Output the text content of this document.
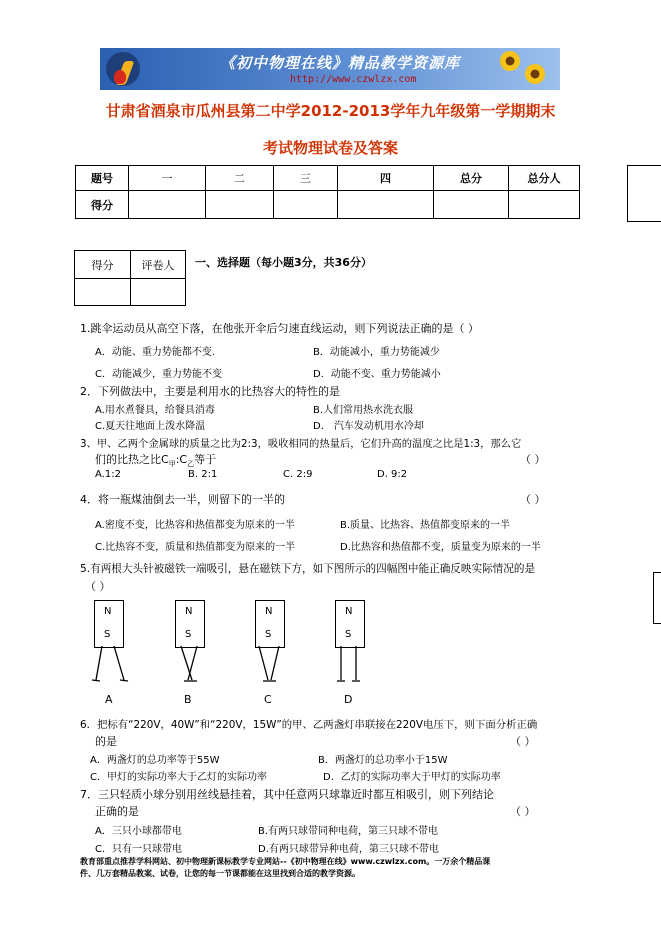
《初中物理在线》精品教学资源库
http://www.czwlzx.com
甘肃省酒泉市瓜州县第二中学2012-2013学年九年级第一学期期末
考试物理试卷及答案
题号	一	二	三	四	总分	总分人
得分						
得分	评卷人
	一、选择题（每小题3分，共36分）
1.跳伞运动员从高空下落，在他张开伞后匀速直线运动，则下列说法正确的是（ ）
A．动能、重力势能都不变.	B．动能减小，重力势能减少
C．动能减少，重力势能不变	D．动能不变、重力势能减小
2．下列做法中，主要是利用水的比热容大的特性的是
A.用水煮餐具，给餐具消毒	B.人们常用热水洗衣服
C.夏天往地面上泼水降温	D． 汽车发动机用水冷却
3、甲、乙两个金属球的质量之比为2:3，吸收相同的热量后，它们升高的温度之比是1:3，那么它
们的比热之比$C_甲:C_乙$等于	（ ）
A.1:2	B. 2:1	C. 2:9	D. 9:2
4．将一瓶煤油倒去一半，则留下的一半的	（ ）
A.密度不变，比热容和热值都变为原来的一半	B.质量、比热容、热值都变原来的一半
C.比热容不变，质量和热值都变为原来的一半	D.比热容和热值都不变，质量变为原来的一半
5.有两根大头针被磁铁一端吸引，悬在磁铁下方，如下图所示的四幅图中能正确反映实际情况的是
（ ）
N
S
N
S
N
S
N
S
A	B	C	D
6．把标有“220V，40W”和“220V，15W”的甲、乙两盏灯串联接在220V电压下，则下面分析正确
的是	（ ）
A．两盏灯的总功率等于55W	B．两盏灯的总功率小于15W
C．甲灯的实际功率大于乙灯的实际功率	D．乙灯的实际功率大于甲灯的实际功率
7．三只轻质小球分别用丝线悬挂着，其中任意两只球靠近时都互相吸引，则下列结论
正确的是	（ ）
A．三只小球都带电	B.有两只球带同种电荷，第三只球不带电
C．只有一只球带电	D.有两只球带异种电荷，第三只球不带电
教育部重点推荐学科网站、初中物理新课标教学专业网站--《初中物理在线》www.czwlzx.com。一万余个精品课
件、几万套精品教案、试卷，让您的每一节课都能在这里找到合适的教学资源。
